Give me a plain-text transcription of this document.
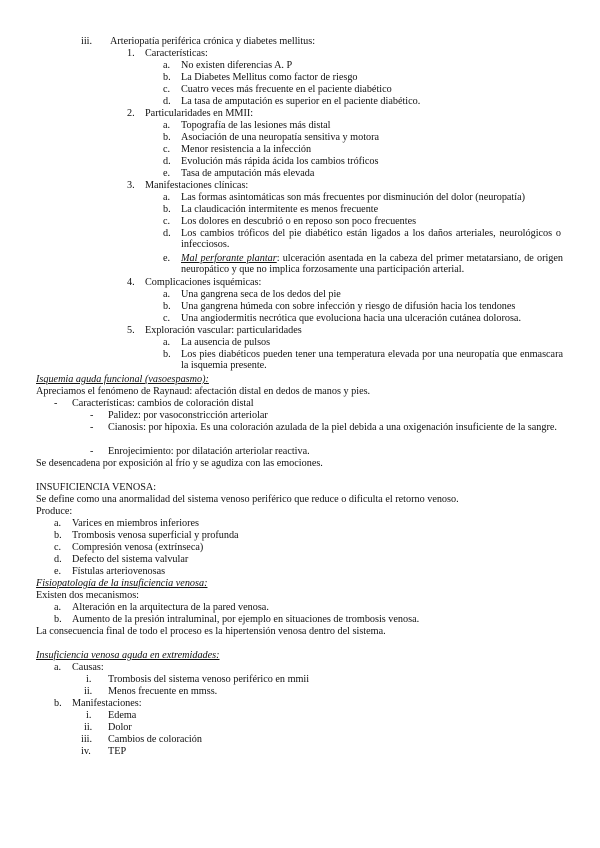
iii. Arteriopatía periférica crónica y diabetes mellitus:
1. Características:
a. No existen diferencias A. P
b. La Diabetes Mellitus como factor de riesgo
c. Cuatro veces más frecuente en el paciente diabético
d. La tasa de amputación es superior en el paciente diabético.
2. Particularidades en MMII:
a. Topografía de las lesiones más distal
b. Asociación de una neuropatía sensitiva y motora
c. Menor resistencia a la infección
d. Evolución más rápida ácida los cambios tróficos
e. Tasa de amputación más elevada
3. Manifestaciones clínicas:
a. Las formas asintomáticas son más frecuentes por disminución del dolor (neuropatía)
b. La claudicación intermitente es menos frecuente
c. Los dolores en descubrió o en reposo son poco frecuentes
d. Los cambios tróficos del pie diabético están ligados a los daños arteriales, neurológicos o infecciosos.
e. Mal perforante plantar: ulceración asentada en la cabeza del primer metatarsiano, de origen neuropático y que no implica forzosamente una participación arterial.
4. Complicaciones isquémicas:
a. Una gangrena seca de los dedos del pie
b. Una gangrena húmeda con sobre infección y riesgo de difusión hacia los tendones
c. Una angiodermitis necrótica que evoluciona hacia una ulceración cutánea dolorosa.
5. Exploración vascular: particularidades
a. La ausencia de pulsos
b. Los pies diabéticos pueden tener una temperatura elevada por una neuropatía que enmascara la isquemia presente.
Isquemia aguda funcional (vasoespasmo):
Apreciamos el fenómeno de Raynaud: afectación distal en dedos de manos y pies.
- Características: cambios de coloración distal
- Palidez: por vasoconstricción arteriolar
- Cianosis: por hipoxia. Es una coloración azulada de la piel debida a una oxigenación insuficiente de la sangre.
- Enrojecimiento: por dilatación arteriolar reactiva.
Se desencadena por exposición al frío y se agudiza con las emociones.
INSUFICIENCIA VENOSA:
Se define como una anormalidad del sistema venoso periférico que reduce o dificulta el retorno venoso.
Produce:
a. Varices en miembros inferiores
b. Trombosis venosa superficial y profunda
c. Compresión venosa (extrínseca)
d. Defecto del sistema valvular
e. Fístulas arteriovenosas
Fisiopatología de la insuficiencia venosa:
Existen dos mecanismos:
a. Alteración en la arquitectura de la pared venosa.
b. Aumento de la presión intraluminal, por ejemplo en situaciones de trombosis venosa.
La consecuencia final de todo el proceso es la hipertensión venosa dentro del sistema.
Insuficiencia venosa aguda en extremidades:
a. Causas:
i. Trombosis del sistema venoso periférico en mmii
ii. Menos frecuente en mmss.
b. Manifestaciones:
i. Edema
ii. Dolor
iii. Cambios de coloración
iv. TEP
